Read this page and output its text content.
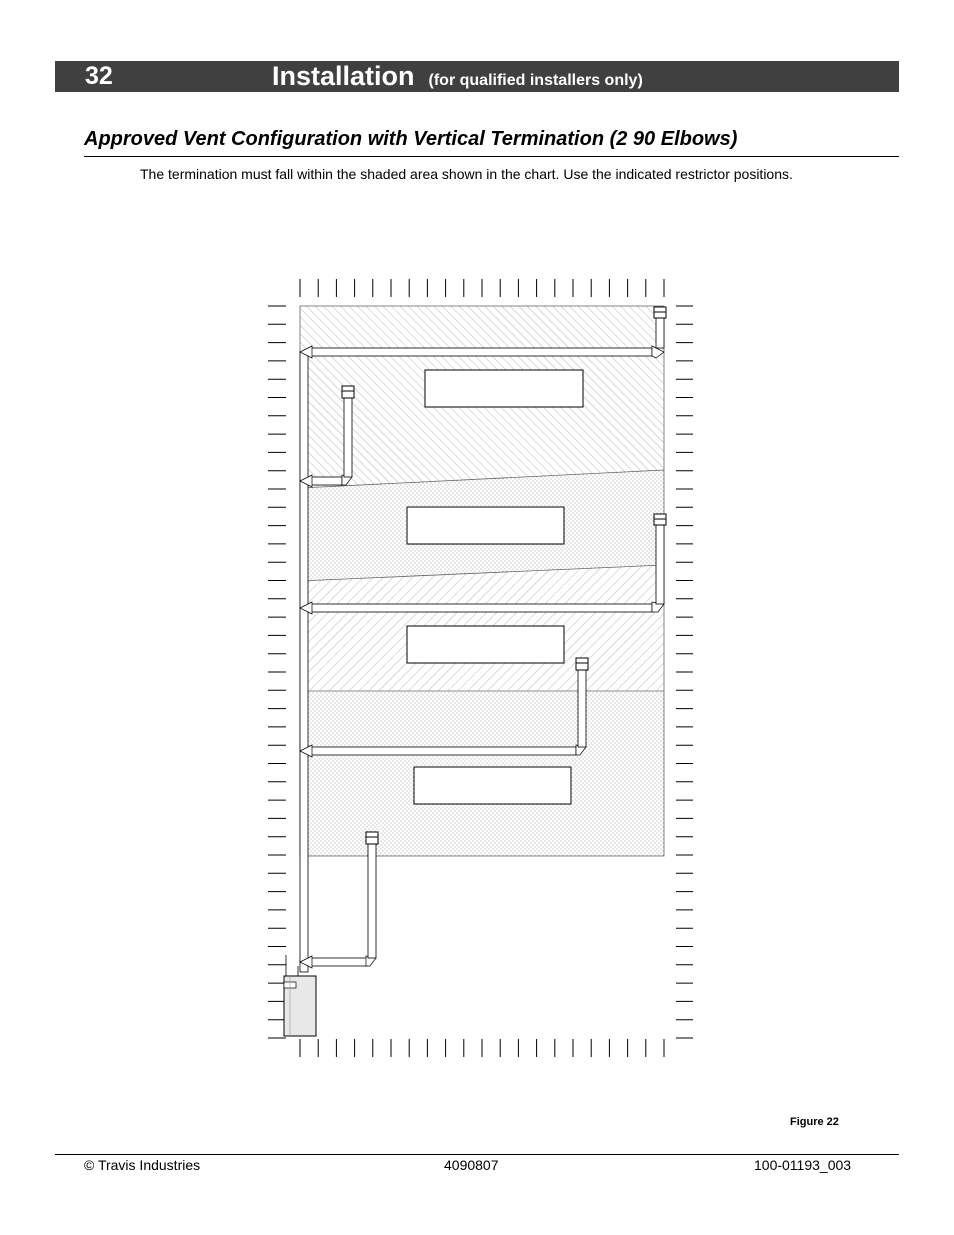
32	Installation (for qualified installers only)
Approved Vent Configuration with Vertical Termination (2 90 Elbows)
The termination must fall within the shaded area shown in the chart. Use the indicated restrictor positions.
Figure 22
© Travis Industries	4090807	100-01193_003
